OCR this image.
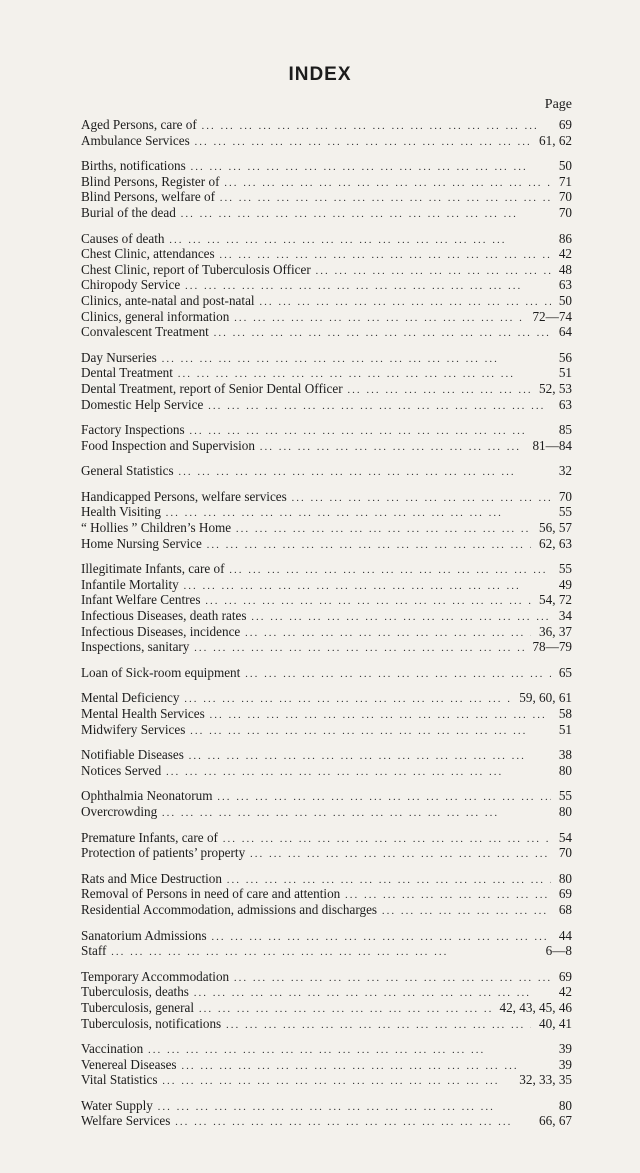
INDEX
Page
Aged Persons, care of ... .	69
Ambulance Services ... .	61, 62
Births, notifications ... .	50
Blind Persons, Register of ... .	71
Blind Persons, welfare of ... .	70
Burial of the dead ... .	70
Causes of death ... .	86
Chest Clinic, attendances ... .	42
Chest Clinic, report of Tuberculosis Officer ... .	48
Chiropody Service ... .	63
Clinics, ante-natal and post-natal ... .	50
Clinics, general information ... .	72—74
Convalescent Treatment ... .	64
Day Nurseries ... .	56
Dental Treatment ... .	51
Dental Treatment, report of Senior Dental Officer ... .	52, 53
Domestic Help Service ... .	63
Factory Inspections ... .	85
Food Inspection and Supervision ... .	81—84
General Statistics ... .	32
Handicapped Persons, welfare services ... .	70
Health Visiting ... .	55
“ Hollies ” Children’s Home ... .	56, 57
Home Nursing Service ... .	62, 63
Illegitimate Infants, care of ... .	55
Infantile Mortality ... .	49
Infant Welfare Centres ... .	54, 72
Infectious Diseases, death rates ... .	34
Infectious Diseases, incidence ... .	36, 37
Inspections, sanitary ... .	78—79
Loan of Sick-room equipment ... .	65
Mental Deficiency ... .	59, 60, 61
Mental Health Services ... .	58
Midwifery Services ... .	51
Notifiable Diseases ... .	38
Notices Served ... .	80
Ophthalmia Neonatorum ... .	55
Overcrowding ... .	80
Premature Infants, care of ... .	54
Protection of patients’ property ... .	70
Rats and Mice Destruction ... .	80
Removal of Persons in need of care and attention ... .	69
Residential Accommodation, admissions and discharges ... .	68
Sanatorium Admissions ... .	44
Staff ... .	6—8
Temporary Accommodation ... .	69
Tuberculosis, deaths ... .	42
Tuberculosis, general ... .	42, 43, 45, 46
Tuberculosis, notifications ... .	40, 41
Vaccination ... .	39
Venereal Diseases ... .	39
Vital Statistics ... .	32, 33, 35
Water Supply ... .	80
Welfare Services ... .	66, 67
